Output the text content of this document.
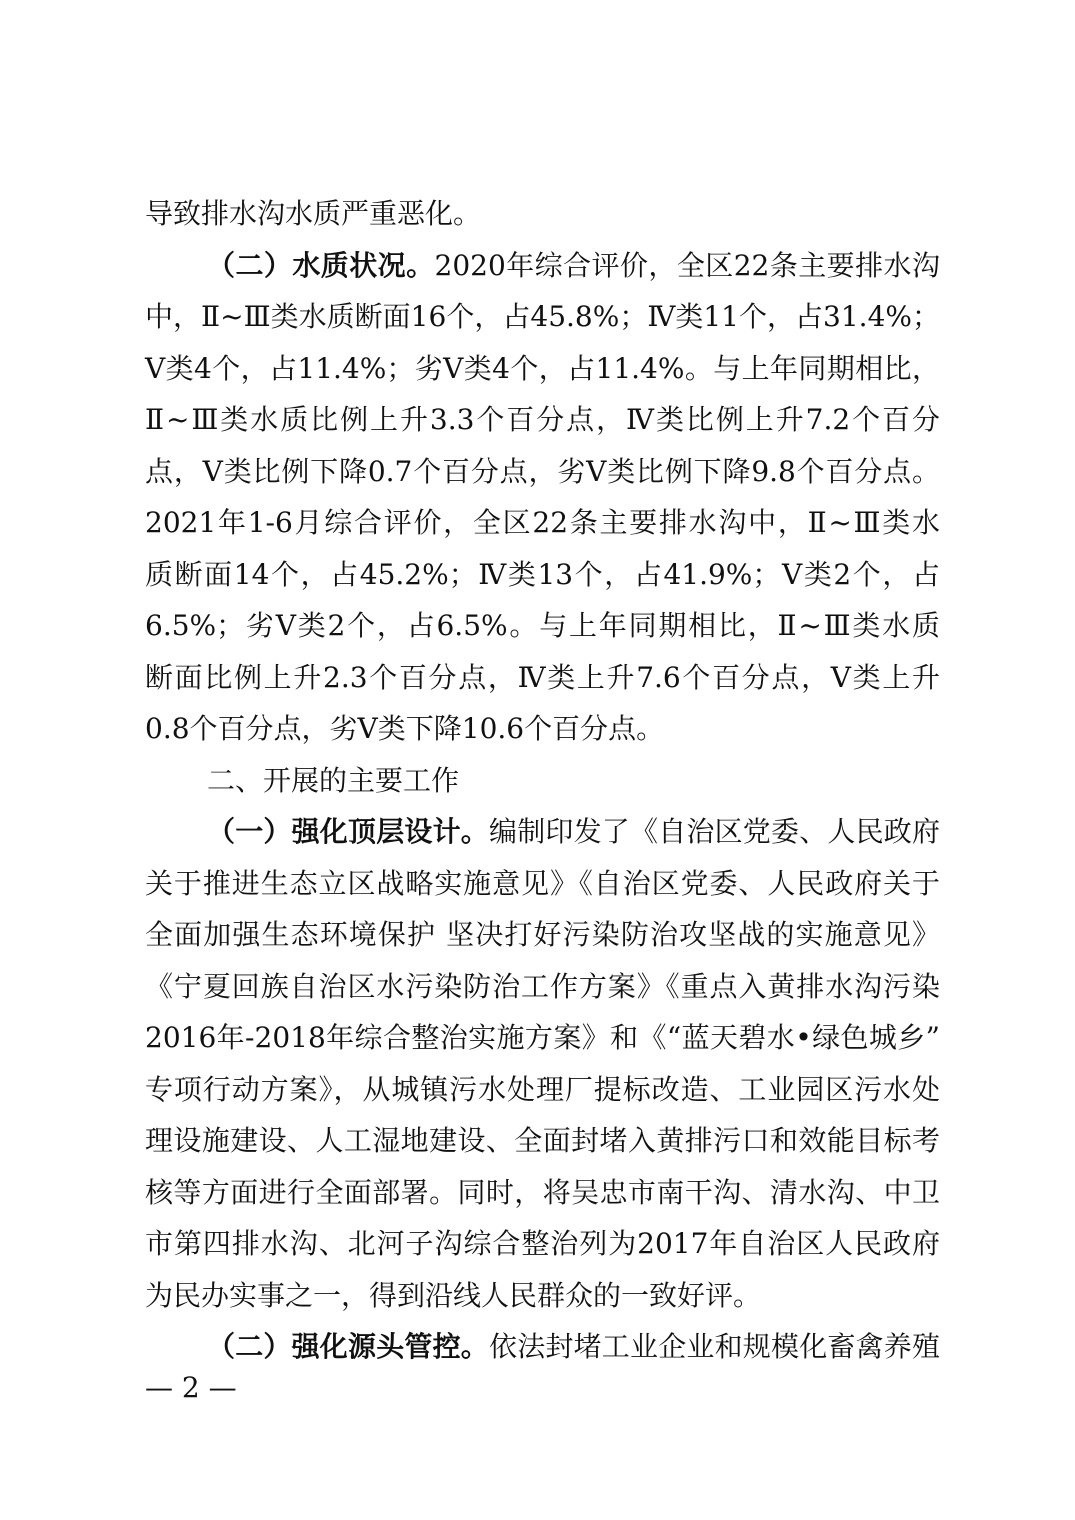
导致排水沟水质严重恶化。
（二）水质状况。2020年综合评价，全区22条主要排水沟
中，Ⅱ~Ⅲ类水质断面16个，占45.8%；Ⅳ类11个，占31.4%；
Ⅴ类4个，占11.4%；劣Ⅴ类4个，占11.4%。与上年同期相比，
Ⅱ~Ⅲ类水质比例上升3.3个百分点，Ⅳ类比例上升7.2个百分
点，Ⅴ类比例下降0.7个百分点，劣Ⅴ类比例下降9.8个百分点。
2021年1-6月综合评价，全区22条主要排水沟中，Ⅱ~Ⅲ类水
质断面14个，占45.2%；Ⅳ类13个，占41.9%；Ⅴ类2个，占
6.5%；劣Ⅴ类2个，占6.5%。与上年同期相比，Ⅱ~Ⅲ类水质
断面比例上升2.3个百分点，Ⅳ类上升7.6个百分点，Ⅴ类上升
0.8个百分点，劣Ⅴ类下降10.6个百分点。
二、开展的主要工作
（一）强化顶层设计。编制印发了《自治区党委、人民政府
关于推进生态立区战略实施意见》《自治区党委、人民政府关于
全面加强生态环境保护 坚决打好污染防治攻坚战的实施意见》
《宁夏回族自治区水污染防治工作方案》《重点入黄排水沟污染
2016年-2018年综合整治实施方案》和《“蓝天碧水•绿色城乡”
专项行动方案》，从城镇污水处理厂提标改造、工业园区污水处
理设施建设、人工湿地建设、全面封堵入黄排污口和效能目标考
核等方面进行全面部署。同时，将吴忠市南干沟、清水沟、中卫
市第四排水沟、北河子沟综合整治列为2017年自治区人民政府
为民办实事之一，得到沿线人民群众的一致好评。
（二）强化源头管控。依法封堵工业企业和规模化畜禽养殖
— 2 —
